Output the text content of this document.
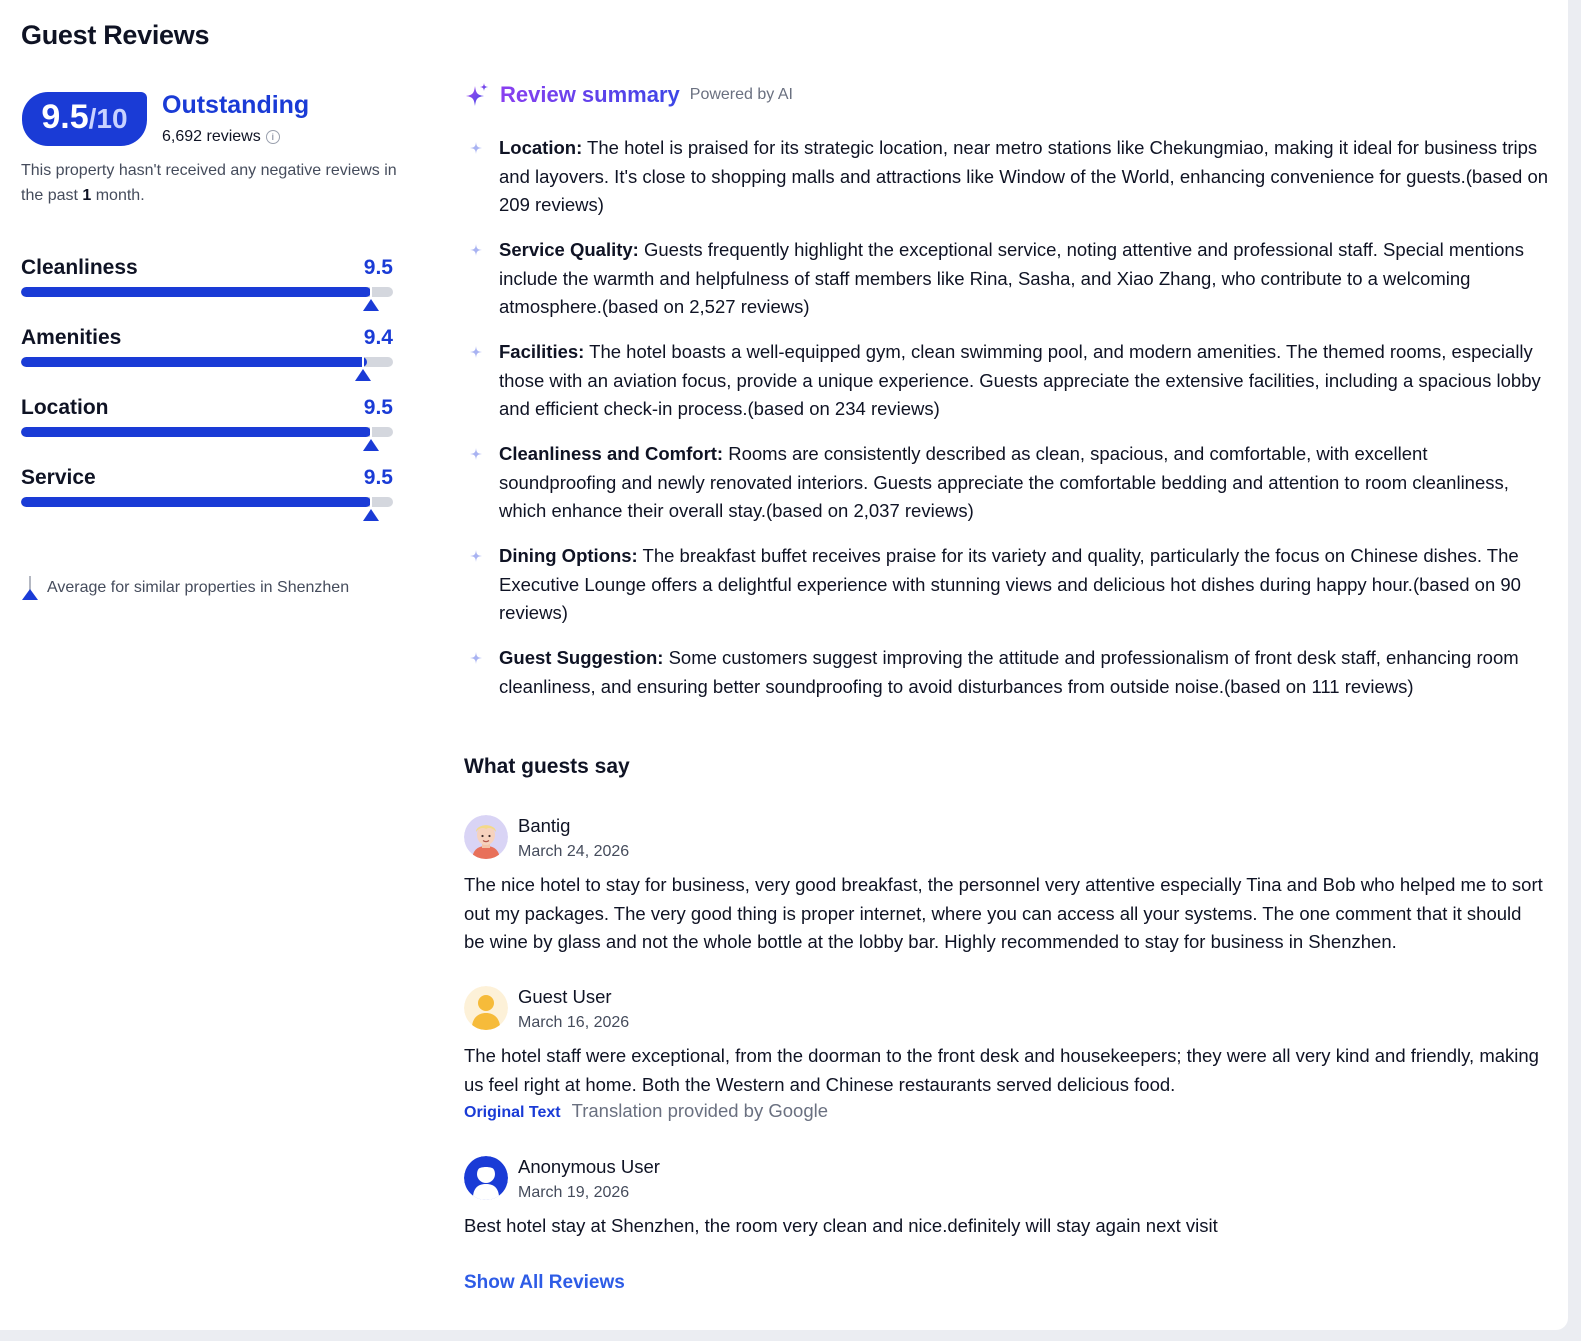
Guest Reviews
9.5 /10 Outstanding
6,692 reviews	i
This property hasn't received any negative reviews in the past 1 month.
Cleanliness	9.5
Amenities	9.4
Location	9.5
Service	9.5
Average for similar properties in Shenzhen
Review summary Powered by AI
Location: The hotel is praised for its strategic location, near metro stations like Chekungmiao, making it ideal for business trips and layovers. It's close to shopping malls and attractions like Window of the World, enhancing convenience for guests.(based on 209 reviews)
Service Quality: Guests frequently highlight the exceptional service, noting attentive and professional staff. Special mentions include the warmth and helpfulness of staff members like Rina, Sasha, and Xiao Zhang, who contribute to a welcoming atmosphere.(based on 2,527 reviews)
Facilities: The hotel boasts a well-equipped gym, clean swimming pool, and modern amenities. The themed rooms, especially those with an aviation focus, provide a unique experience. Guests appreciate the extensive facilities, including a spacious lobby and efficient check-in process.(based on 234 reviews)
Cleanliness and Comfort: Rooms are consistently described as clean, spacious, and comfortable, with excellent soundproofing and newly renovated interiors. Guests appreciate the comfortable bedding and attention to room cleanliness, which enhance their overall stay.(based on 2,037 reviews)
Dining Options: The breakfast buffet receives praise for its variety and quality, particularly the focus on Chinese dishes. The Executive Lounge offers a delightful experience with stunning views and delicious hot dishes during happy hour.(based on 90 reviews)
Guest Suggestion: Some customers suggest improving the attitude and professionalism of front desk staff, enhancing room cleanliness, and ensuring better soundproofing to avoid disturbances from outside noise.(based on 111 reviews)
What guests say
Bantig
March 24, 2026
The nice hotel to stay for business, very good breakfast, the personnel very attentive especially Tina and Bob who helped me to sort out my packages. The very good thing is proper internet, where you can access all your systems. The one comment that it should be wine by glass and not the whole bottle at the lobby bar. Highly recommended to stay for business in Shenzhen.
Guest User
March 16, 2026
The hotel staff were exceptional, from the doorman to the front desk and housekeepers; they were all very kind and friendly, making us feel right at home. Both the Western and Chinese restaurants served delicious food.
Original Text Translation provided by Google
Anonymous User
March 19, 2026
Best hotel stay at Shenzhen, the room very clean and nice.definitely will stay again next visit
Show All Reviews
